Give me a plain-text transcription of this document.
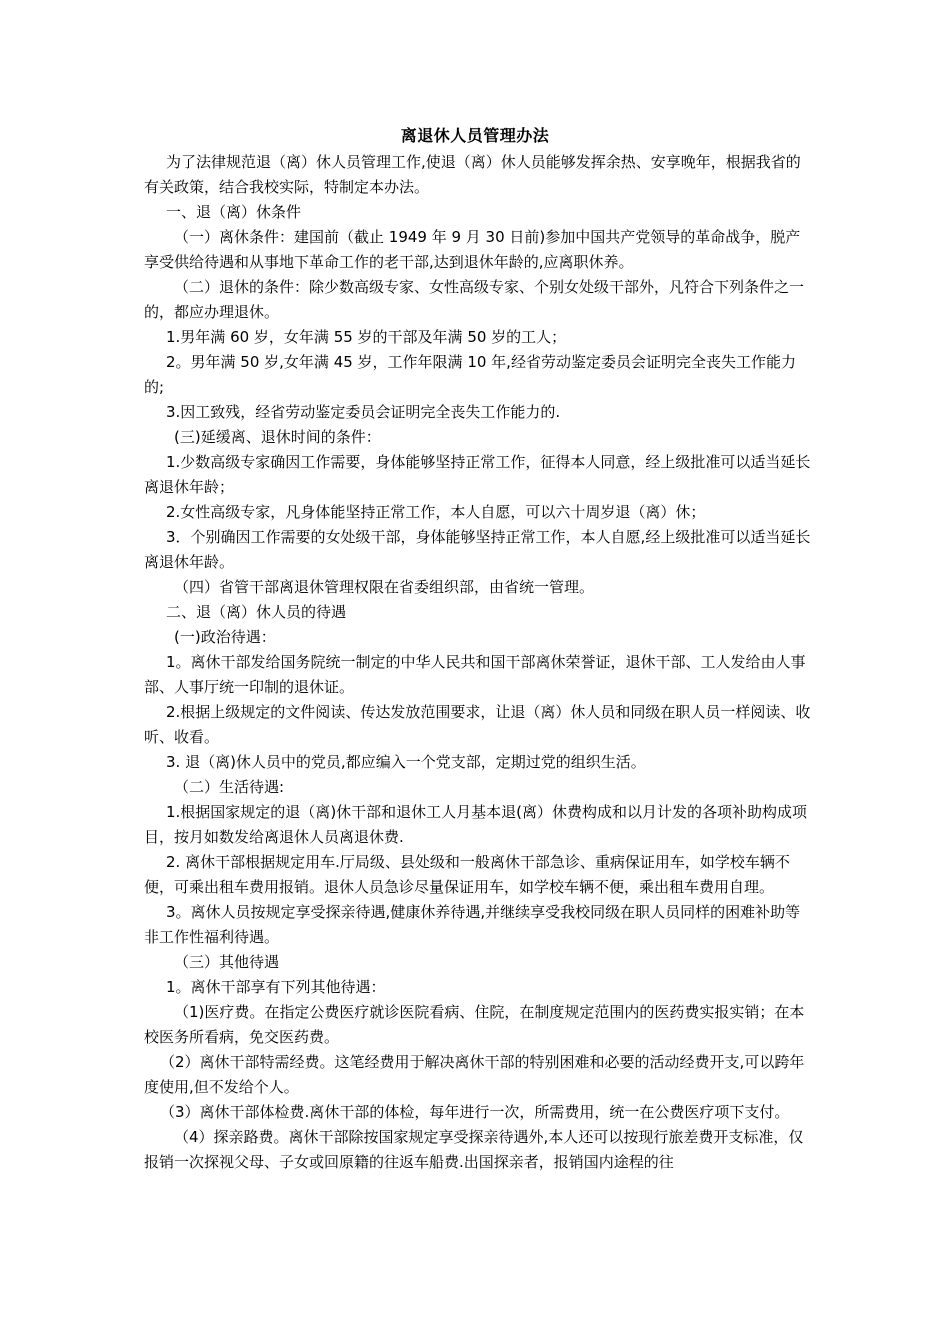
离退休人员管理办法

为了法律规范退（离）休人员管理工作,使退（离）休人员能够发挥余热、安享晚年，根据我省的有关政策，结合我校实际，特制定本办法。

一、退（离）休条件

（一）离休条件：建国前（截止 1949 年 9 月 30 日前)参加中国共产党领导的革命战争，脱产享受供给待遇和从事地下革命工作的老干部,达到退休年龄的,应离职休养。

（二）退休的条件：除少数高级专家、女性高级专家、个别女处级干部外，凡符合下列条件之一的，都应办理退休。

1.男年满 60 岁，女年满 55 岁的干部及年满 50 岁的工人；

2。男年满 50 岁,女年满 45 岁，工作年限满 10 年,经省劳动鉴定委员会证明完全丧失工作能力的;

3.因工致残，经省劳动鉴定委员会证明完全丧失工作能力的.

(三)延缓离、退休时间的条件：

1.少数高级专家确因工作需要，身体能够坚持正常工作，征得本人同意，经上级批准可以适当延长离退休年龄；

2.女性高级专家，凡身体能坚持正常工作，本人自愿，可以六十周岁退（离）休；

3．个别确因工作需要的女处级干部，身体能够坚持正常工作，本人自愿,经上级批准可以适当延长离退休年龄。

（四）省管干部离退休管理权限在省委组织部，由省统一管理。

二、退（离）休人员的待遇

(一)政治待遇：

1。离休干部发给国务院统一制定的中华人民共和国干部离休荣誉证，退休干部、工人发给由人事部、人事厅统一印制的退休证。

2.根据上级规定的文件阅读、传达发放范围要求，让退（离）休人员和同级在职人员一样阅读、收听、收看。

3. 退（离)休人员中的党员,都应编入一个党支部，定期过党的组织生活。

（二）生活待遇:

1.根据国家规定的退（离)休干部和退休工人月基本退(离）休费构成和以月计发的各项补助构成项目，按月如数发给离退休人员离退休费.

2. 离休干部根据规定用车.厅局级、县处级和一般离休干部急诊、重病保证用车，如学校车辆不便，可乘出租车费用报销。退休人员急诊尽量保证用车，如学校车辆不便，乘出租车费用自理。

3。离休人员按规定享受探亲待遇,健康休养待遇,并继续享受我校同级在职人员同样的困难补助等非工作性福利待遇。

（三）其他待遇

1。离休干部享有下列其他待遇：

（1)医疗费。在指定公费医疗就诊医院看病、住院，在制度规定范围内的医药费实报实销；在本校医务所看病，免交医药费。

（2）离休干部特需经费。这笔经费用于解决离休干部的特别困难和必要的活动经费开支,可以跨年度使用,但不发给个人。

（3）离休干部体检费.离休干部的体检，每年进行一次，所需费用，统一在公费医疗项下支付。

（4）探亲路费。离休干部除按国家规定享受探亲待遇外,本人还可以按现行旅差费开支标准，仅报销一次探视父母、子女或回原籍的往返车船费.出国探亲者，报销国内途程的往
